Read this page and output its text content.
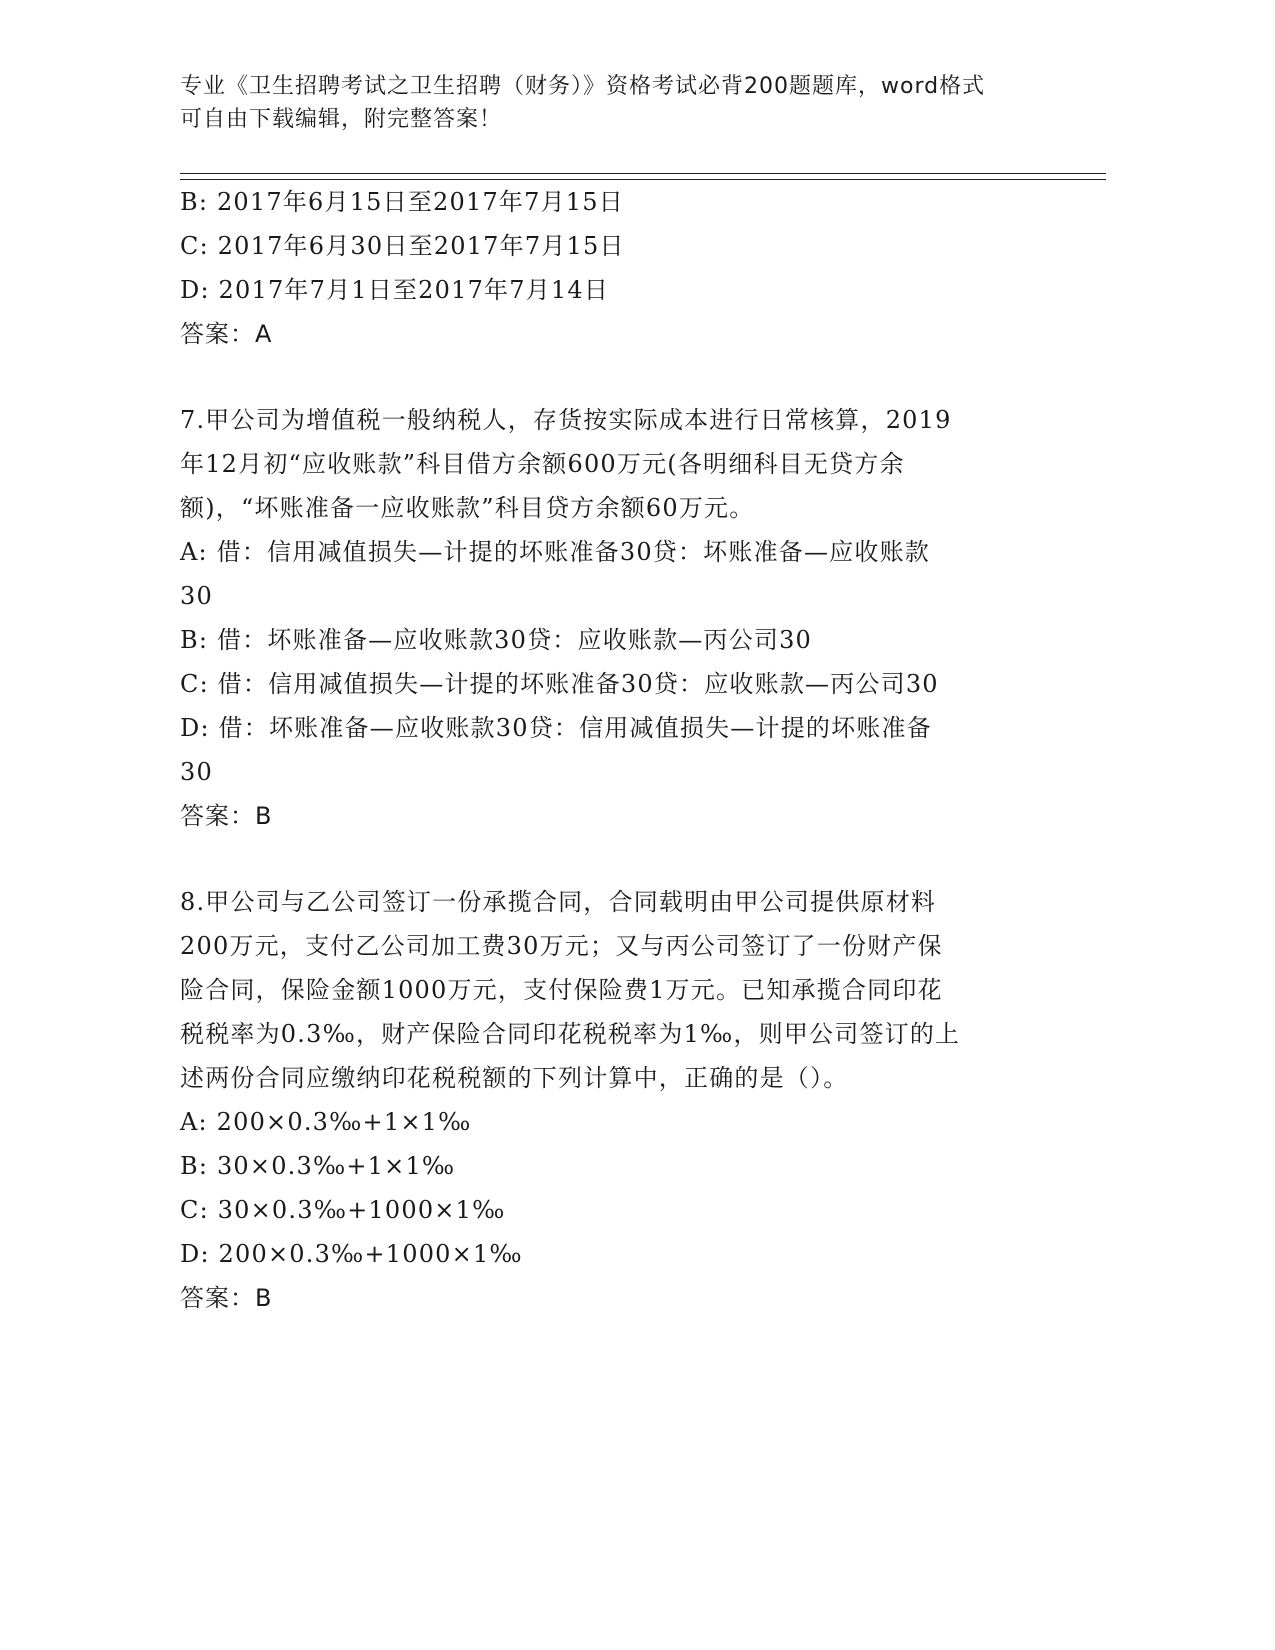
专业《卫生招聘考试之卫生招聘（财务）》资格考试必背200题题库，word格式
可自由下载编辑，附完整答案！
B: 2017年6月15日至2017年7月15日
C: 2017年6月30日至2017年7月15日
D: 2017年7月1日至2017年7月14日
答案：A
7.甲公司为增值税一般纳税人，存货按实际成本进行日常核算，2019
年12月初“应收账款”科目借方余额600万元(各明细科目无贷方余
额)，“坏账准备一应收账款”科目贷方余额60万元。
A: 借：信用减值损失—计提的坏账准备30贷：坏账准备—应收账款
30
B: 借：坏账准备—应收账款30贷：应收账款—丙公司30
C: 借：信用减值损失—计提的坏账准备30贷：应收账款—丙公司30
D: 借：坏账准备—应收账款30贷：信用减值损失—计提的坏账准备
30
答案：B
8.甲公司与乙公司签订一份承揽合同，合同载明由甲公司提供原材料
200万元，支付乙公司加工费30万元；又与丙公司签订了一份财产保
险合同，保险金额1000万元，支付保险费1万元。已知承揽合同印花
税税率为0.3‰，财产保险合同印花税税率为1‰，则甲公司签订的上
述两份合同应缴纳印花税税额的下列计算中，正确的是（）。
A: 200×0.3‰+1×1‰
B: 30×0.3‰+1×1‰
C: 30×0.3‰+1000×1‰
D: 200×0.3‰+1000×1‰
答案：B
